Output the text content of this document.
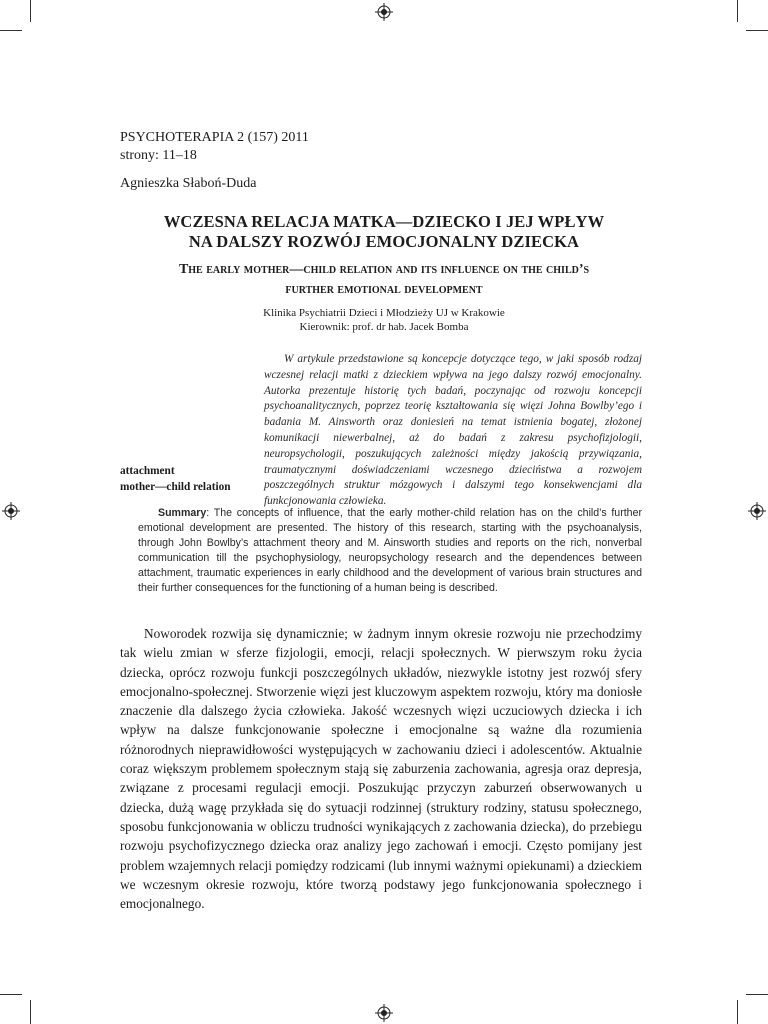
PSYCHOTERAPIA 2 (157) 2011
strony: 11–18
Agnieszka Słaboń-Duda
WCZESNA RELACJA MATKA—DZIECKO I JEJ WPŁYW
NA DALSZY ROZWÓJ EMOCJONALNY DZIECKA
The early mother—child relation and its influence on the child’s
further emotional development
Klinika Psychiatrii Dzieci i Młodzieży UJ w Krakowie
Kierownik: prof. dr hab. Jacek Bomba
W artykule przedstawione są koncepcje dotyczące tego, w jaki sposób rodzaj wczesnej relacji matki z dzieckiem wpływa na jego dalszy rozwój emocjonalny. Autorka prezentuje historię tych badań, poczynając od rozwoju koncepcji psychoanalitycznych, poprzez teorię kształtowania się więzi Johna Bowlby’ego i badania M. Ainsworth oraz doniesień na temat istnienia bogatej, złożonej komunikacji niewerbalnej, aż do badań z zakresu psychofizjologii, neuropsychologii, poszukujących zależności między jakością przywiązania, traumatycznymi doświadczeniami wczesnego dzieciństwa a rozwojem poszczególnych struktur mózgowych i dalszymi tego konsekwencjami dla funkcjonowania człowieka.
attachment
mother—child relation
Summary: The concepts of influence, that the early mother-child relation has on the child’s further emotional development are presented. The history of this research, starting with the psychoanalysis, through John Bowlby’s attachment theory and M. Ainsworth studies and reports on the rich, nonverbal communication till the psychophysiology, neuropsychology research and the dependences between attachment, traumatic experiences in early childhood and the development of various brain structures and their further consequences for the functioning of a human being is described.
Noworodek rozwija się dynamicznie; w żadnym innym okresie rozwoju nie przechodzimy tak wielu zmian w sferze fizjologii, emocji, relacji społecznych. W pierwszym roku życia dziecka, oprócz rozwoju funkcji poszczególnych układów, niezwykle istotny jest rozwój sfery emocjonalno-społecznej. Stworzenie więzi jest kluczowym aspektem rozwoju, który ma doniosłe znaczenie dla dalszego życia człowieka. Jakość wczesnych więzi uczuciowych dziecka i ich wpływ na dalsze funkcjonowanie społeczne i emocjonalne są ważne dla rozumienia różnorodnych nieprawidłowości występujących w zachowaniu dzieci i adolescentów. Aktualnie coraz większym problemem społecznym stają się zaburzenia zachowania, agresja oraz depresja, związane z procesami regulacji emocji. Poszukując przyczyn zaburzeń obserwowanych u dziecka, dużą wagę przykłada się do sytuacji rodzinnej (struktury rodziny, statusu społecznego, sposobu funkcjonowania w obliczu trudności wynikających z zachowania dziecka), do przebiegu rozwoju psychofizycznego dziecka oraz analizy jego zachowań i emocji. Często pomijany jest problem wzajemnych relacji pomiędzy rodzicami (lub innymi ważnymi opiekunami) a dzieckiem we wczesnym okresie rozwoju, które tworzą podstawy jego funkcjonowania społecznego i emocjonalnego.
